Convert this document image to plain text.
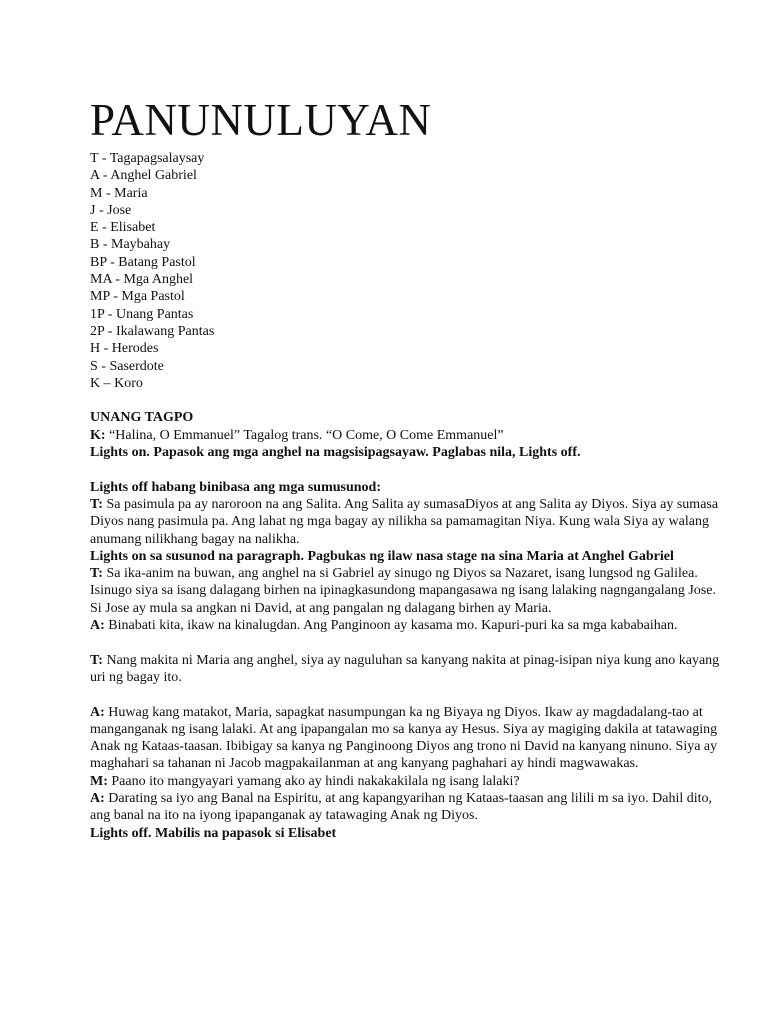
PANUNULUYAN

T - Tagapagsalaysay

A - Anghel Gabriel

M - Maria

J - Jose

E - Elisabet

B - Maybahay

BP - Batang Pastol

MA - Mga Anghel

MP - Mga Pastol

1P - Unang Pantas

2P - Ikalawang Pantas

H - Herodes

S - Saserdote

K – Koro

UNANG TAGPO

K: “Halina, O Emmanuel” Tagalog trans. “O Come, O Come Emmanuel”

Lights on. Papasok ang mga anghel na magsisipagsayaw. Paglabas nila, Lights off.

Lights off habang binibasa ang mga sumusunod:

T: Sa pasimula pa ay naroroon na ang Salita. Ang Salita ay sumasaDiyos at ang Salita ay Diyos. Siya ay sumasa Diyos nang pasimula pa. Ang lahat ng mga bagay ay nilikha sa pamamagitan Niya. Kung wala Siya ay walang anumang nilikhang bagay na nalikha.

Lights on sa susunod na paragraph. Pagbukas ng ilaw nasa stage na sina Maria at Anghel Gabriel

T: Sa ika-anim na buwan, ang anghel na si Gabriel ay sinugo ng Diyos sa Nazaret, isang lungsod ng Galilea. Isinugo siya sa isang dalagang birhen na ipinagkasundong mapangasawa ng isang lalaking nagngangalang Jose. Si Jose ay mula sa angkan ni David, at ang pangalan ng dalagang birhen ay Maria.

A: Binabati kita, ikaw na kinalugdan. Ang Panginoon ay kasama mo. Kapuri-puri ka sa mga kababaihan.

T: Nang makita ni Maria ang anghel, siya ay naguluhan sa kanyang nakita at pinag-isipan niya kung ano kayang uri ng bagay ito.

A: Huwag kang matakot, Maria, sapagkat nasumpungan ka ng Biyaya ng Diyos. Ikaw ay magdadalang-tao at manganganak ng isang lalaki. At ang ipapangalan mo sa kanya ay Hesus. Siya ay magiging dakila at tatawaging Anak ng Kataas-taasan. Ibibigay sa kanya ng Panginoong Diyos ang trono ni David na kanyang ninuno. Siya ay maghahari sa tahanan ni Jacob magpakailanman at ang kanyang paghahari ay hindi magwawakas.

M: Paano ito mangyayari yamang ako ay hindi nakakakilala ng isang lalaki?

A: Darating sa iyo ang Banal na Espiritu, at ang kapangyarihan ng Kataas-taasan ang lilili m sa iyo. Dahil dito, ang banal na ito na iyong ipapanganak ay tatawaging Anak ng Diyos.

Lights off. Mabilis na papasok si Elisabet
